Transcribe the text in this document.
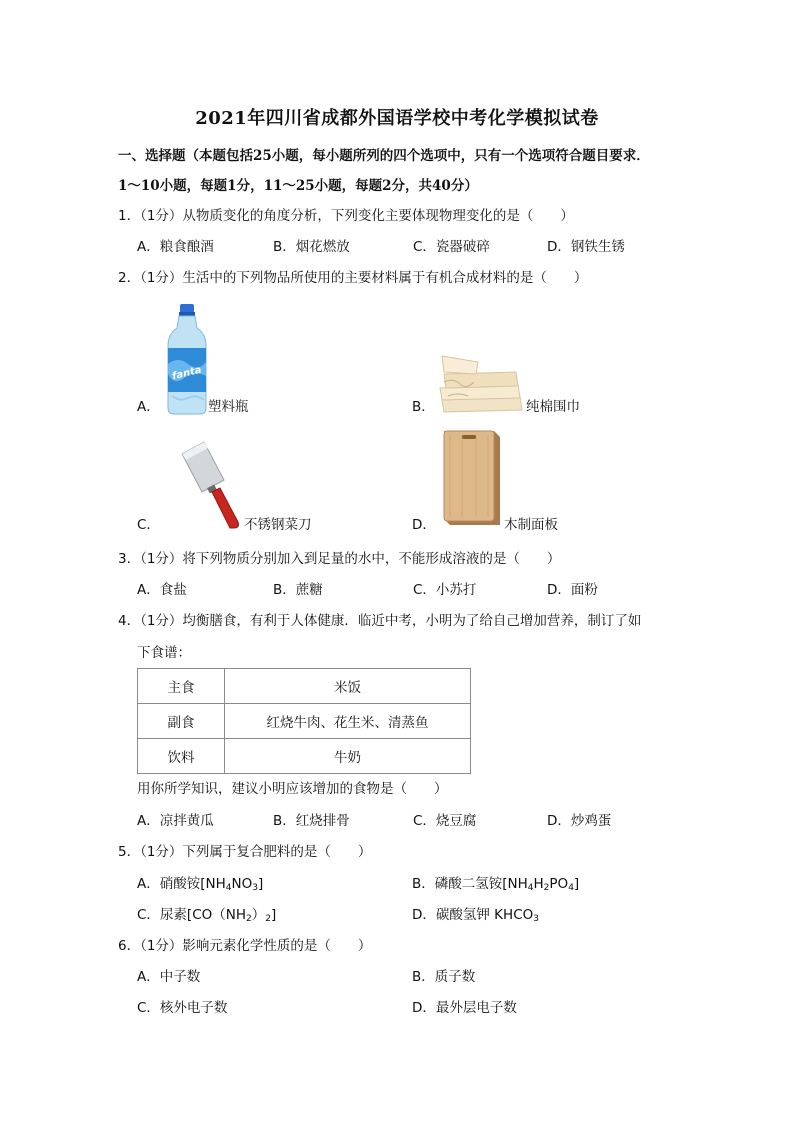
2021年四川省成都外国语学校中考化学模拟试卷
一、选择题（本题包括25小题，每小题所列的四个选项中，只有一个选项符合题目要求．
1～10小题，每题1分，11～25小题，每题2分，共40分）
1．（1分）从物质变化的角度分析，下列变化主要体现物理变化的是（　　）
A．粮食酿酒	B．烟花燃放	C．瓷器破碎	D．钢铁生锈
2．（1分）生活中的下列物品所使用的主要材料属于有机合成材料的是（　　）
A．
fanta
塑料瓶	B．	纯棉围巾
C．	不锈钢菜刀	D．	木制面板
3．（1分）将下列物质分别加入到足量的水中，不能形成溶液的是（　　）
A．食盐	B．蔗糖	C．小苏打	D．面粉
4．（1分）均衡膳食，有利于人体健康．临近中考，小明为了给自己增加营养，制订了如
下食谱：
主食	米饭
副食	红烧牛肉、花生米、清蒸鱼
饮料	牛奶
用你所学知识，建议小明应该增加的食物是（　　）
A．凉拌黄瓜	B．红烧排骨	C．烧豆腐	D．炒鸡蛋
5．（1分）下列属于复合肥料的是（　　）
A．硝酸铵$[NH_4NO_3]$	B．磷酸二氢铵$[NH_4H_2PO_4]$
C．尿素$[CO(NH_2)_2]$	D．碳酸氢钾 $KHCO_3$
6．（1分）影响元素化学性质的是（　　）
A．中子数	B．质子数
C．核外电子数	D．最外层电子数
